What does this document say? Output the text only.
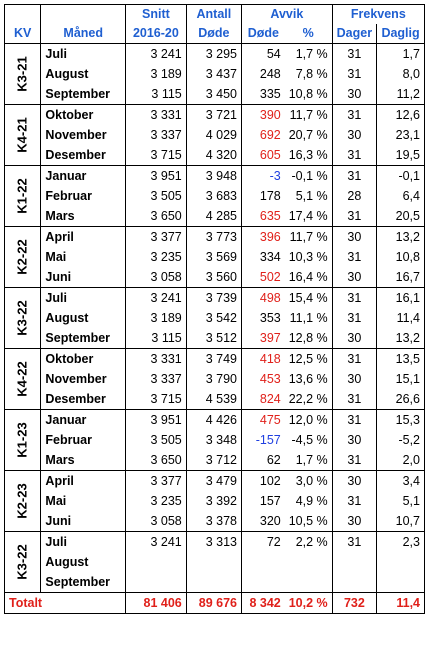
		Snitt	Antall	Avvik		Frekvens	
KV	Måned	2016-20	Døde	Døde	%	Dager	Daglig
K3-21	Juli	3 241	3 295	54	1,7 %	31	1,7
	August	3 189	3 437	248	7,8 %	31	8,0
	September	3 115	3 450	335	10,8 %	30	11,2
K4-21	Oktober	3 331	3 721	390	11,7 %	31	12,6
	November	3 337	4 029	692	20,7 %	30	23,1
	Desember	3 715	4 320	605	16,3 %	31	19,5
K1-22	Januar	3 951	3 948	-3	-0,1 %	31	-0,1
	Februar	3 505	3 683	178	5,1 %	28	6,4
	Mars	3 650	4 285	635	17,4 %	31	20,5
K2-22	April	3 377	3 773	396	11,7 %	30	13,2
	Mai	3 235	3 569	334	10,3 %	31	10,8
	Juni	3 058	3 560	502	16,4 %	30	16,7
K3-22	Juli	3 241	3 739	498	15,4 %	31	16,1
	August	3 189	3 542	353	11,1 %	31	11,4
	September	3 115	3 512	397	12,8 %	30	13,2
K4-22	Oktober	3 331	3 749	418	12,5 %	31	13,5
	November	3 337	3 790	453	13,6 %	30	15,1
	Desember	3 715	4 539	824	22,2 %	31	26,6
K1-23	Januar	3 951	4 426	475	12,0 %	31	15,3
	Februar	3 505	3 348	-157	-4,5 %	30	-5,2
	Mars	3 650	3 712	62	1,7 %	31	2,0
K2-23	April	3 377	3 479	102	3,0 %	30	3,4
	Mai	3 235	3 392	157	4,9 %	31	5,1
	Juni	3 058	3 378	320	10,5 %	30	10,7
K3-22	Juli	3 241	3 313	72	2,2 %	31	2,3
	August						
	September						
Totalt		81 406	89 676	8 342	10,2 %	732	11,4
